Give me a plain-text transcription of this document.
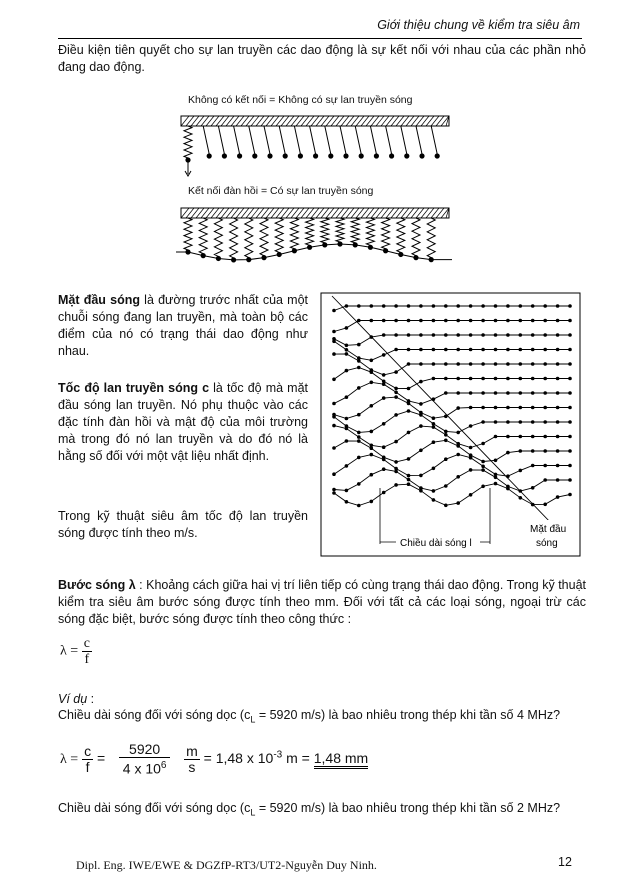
Giới thiệu chung về kiểm tra siêu âm
Điều kiện tiên quyết cho sự lan truyền các dao động là sự kết nối với nhau của các phần nhỏ đang dao động.
Không có kết nối = Không có sự lan truyền sóng
Kết nối đàn hồi = Có sự lan truyền sóng
Mặt đầu sóng là đường trước nhất của một chuỗi sóng đang lan truyền, mà toàn bộ các điểm của nó có trạng thái dao động như nhau.
Tốc độ lan truyền sóng c là tốc độ mà mặt đầu sóng lan truyền. Nó phụ thuộc vào các đặc tính đàn hồi và mật độ của môi trường mà trong đó nó lan truyền và do đó nó là hằng số đối với một vật liệu nhất định.
Trong kỹ thuật siêu âm tốc độ lan truyền sóng được tính theo m/s.
Chiều dài sóng l
Mặt đầu
sóng
Bước sóng λ : Khoảng cách giữa hai vị trí liên tiếp có cùng trạng thái dao động. Trong kỹ thuật kiểm tra siêu âm bước sóng được tính theo mm. Đối với tất cả các loại sóng, ngoại trừ các sóng đặc biệt, bước sóng được tính theo công thức :
$\lambda = \frac{c}{f}$
Ví dụ :
Chiều dài sóng đối với sóng dọc ($c_L = 5920$ m/s) là bao nhiêu trong thép khi tần số 4 MHz?
$\lambda = \frac{c}{f} = \frac{5920}{4 x 10^6}$
$\frac{m}{s} = 1,48$ x $10^{-3}$ m = 1,48 mm
Chiều dài sóng đối với sóng dọc ($c_L = 5920$ m/s) là bao nhiêu trong thép khi tần số 2 MHz?
Dipl. Eng. IWE/EWE & DGZfP-RT3/UT2-Nguyễn Duy Ninh.	12
